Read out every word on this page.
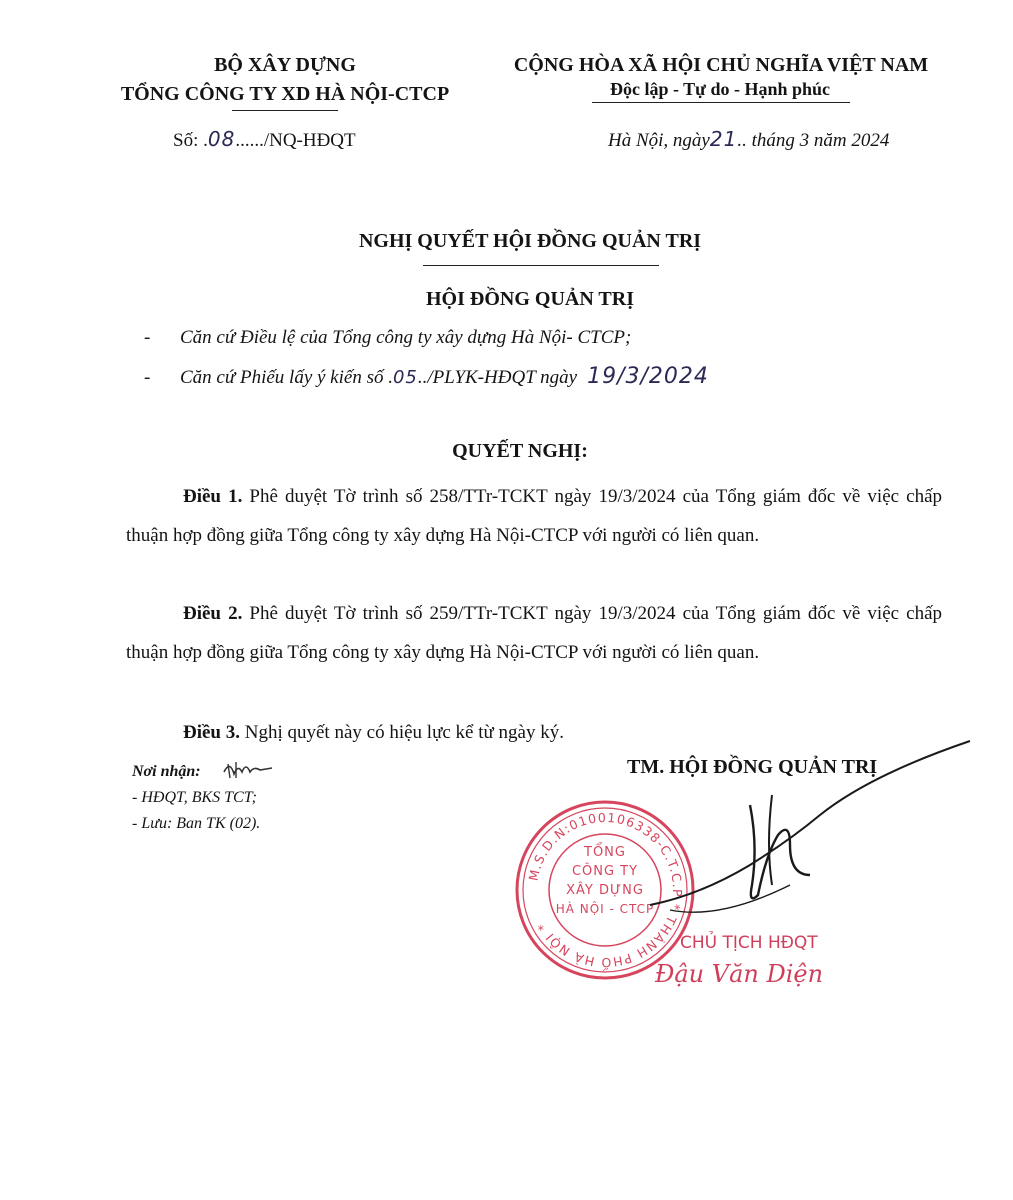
BỘ XÂY DỰNG
TỔNG CÔNG TY XD HÀ NỘI-CTCP
Số: .08....../NQ-HĐQT
CỘNG HÒA XÃ HỘI CHỦ NGHĨA VIỆT NAM
Độc lập - Tự do - Hạnh phúc
Hà Nội, ngày21.. tháng 3 năm 2024
NGHỊ QUYẾT HỘI ĐỒNG QUẢN TRỊ
HỘI ĐỒNG QUẢN TRỊ
- Căn cứ Điều lệ của Tổng công ty xây dựng Hà Nội- CTCP;
- Căn cứ Phiếu lấy ý kiến số .05../PLYK-HĐQT ngày 19/3/2024
QUYẾT NGHỊ:
Điều 1. Phê duyệt Tờ trình số 258/TTr-TCKT ngày 19/3/2024 của Tổng giám đốc về việc chấp thuận hợp đồng giữa Tổng công ty xây dựng Hà Nội-CTCP với người có liên quan.
Điều 2. Phê duyệt Tờ trình số 259/TTr-TCKT ngày 19/3/2024 của Tổng giám đốc về việc chấp thuận hợp đồng giữa Tổng công ty xây dựng Hà Nội-CTCP với người có liên quan.
Điều 3. Nghị quyết này có hiệu lực kể từ ngày ký.
Nơi nhận:
- HĐQT, BKS TCT;
- Lưu: Ban TK (02).
TM. HỘI ĐỒNG QUẢN TRỊ
M.S.D.N:0100106338-C.T.C.P * THÀNH PHỐ HÀ NỘI *
TỔNG
CÔNG TY
XÂY DỰNG
HÀ NỘI - CTCP
CHỦ TỊCH HĐQT
Đậu Văn Diện
